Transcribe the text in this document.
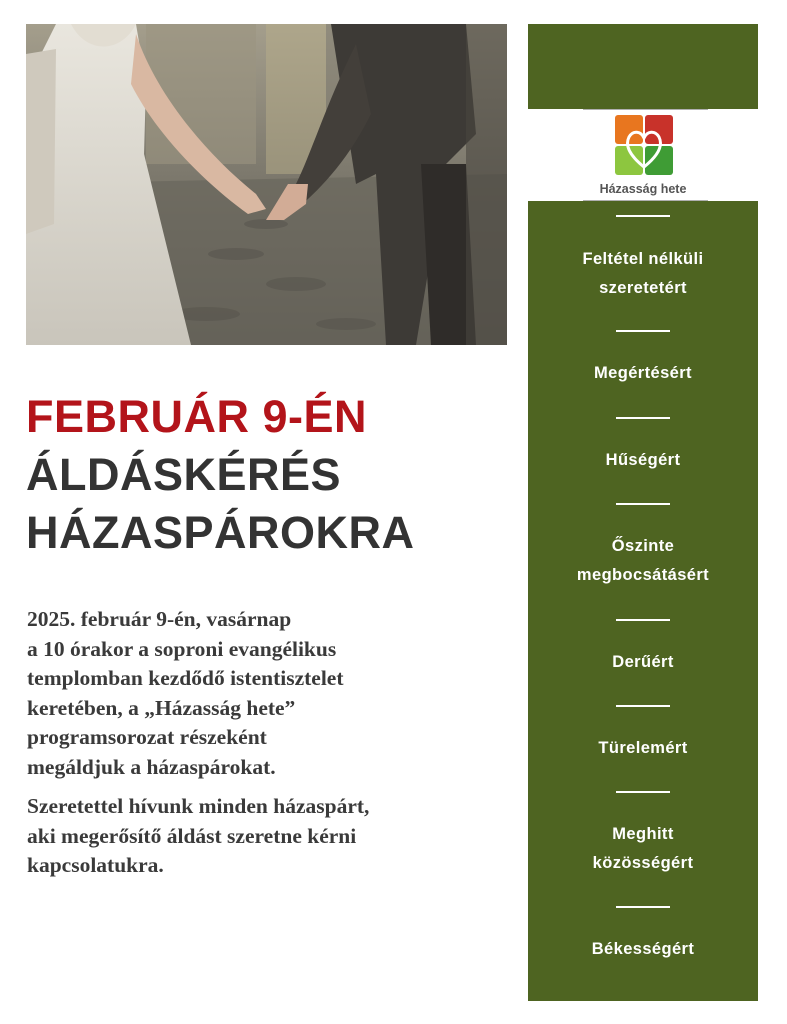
FEBRUÁR 9-ÉN
ÁLDÁSKÉRÉS
HÁZASPÁROKRA

2025. február 9-én, vasárnap
a 10 órakor a soproni evangélikus
templomban kezdődő istentisztelet
keretében, a „Házasság hete”
programsorozat részeként
megáldjuk a házaspárokat.

Szeretettel hívunk minden házaspárt,
aki megerősítő áldást szeretne kérni
kapcsolatukra.

Házasság hete
Feltétel nélküli
szeretetért
Megértésért
Hűségért
Őszinte
megbocsátásért
Derűért
Türelemért
Meghitt
közösségért
Békességért
